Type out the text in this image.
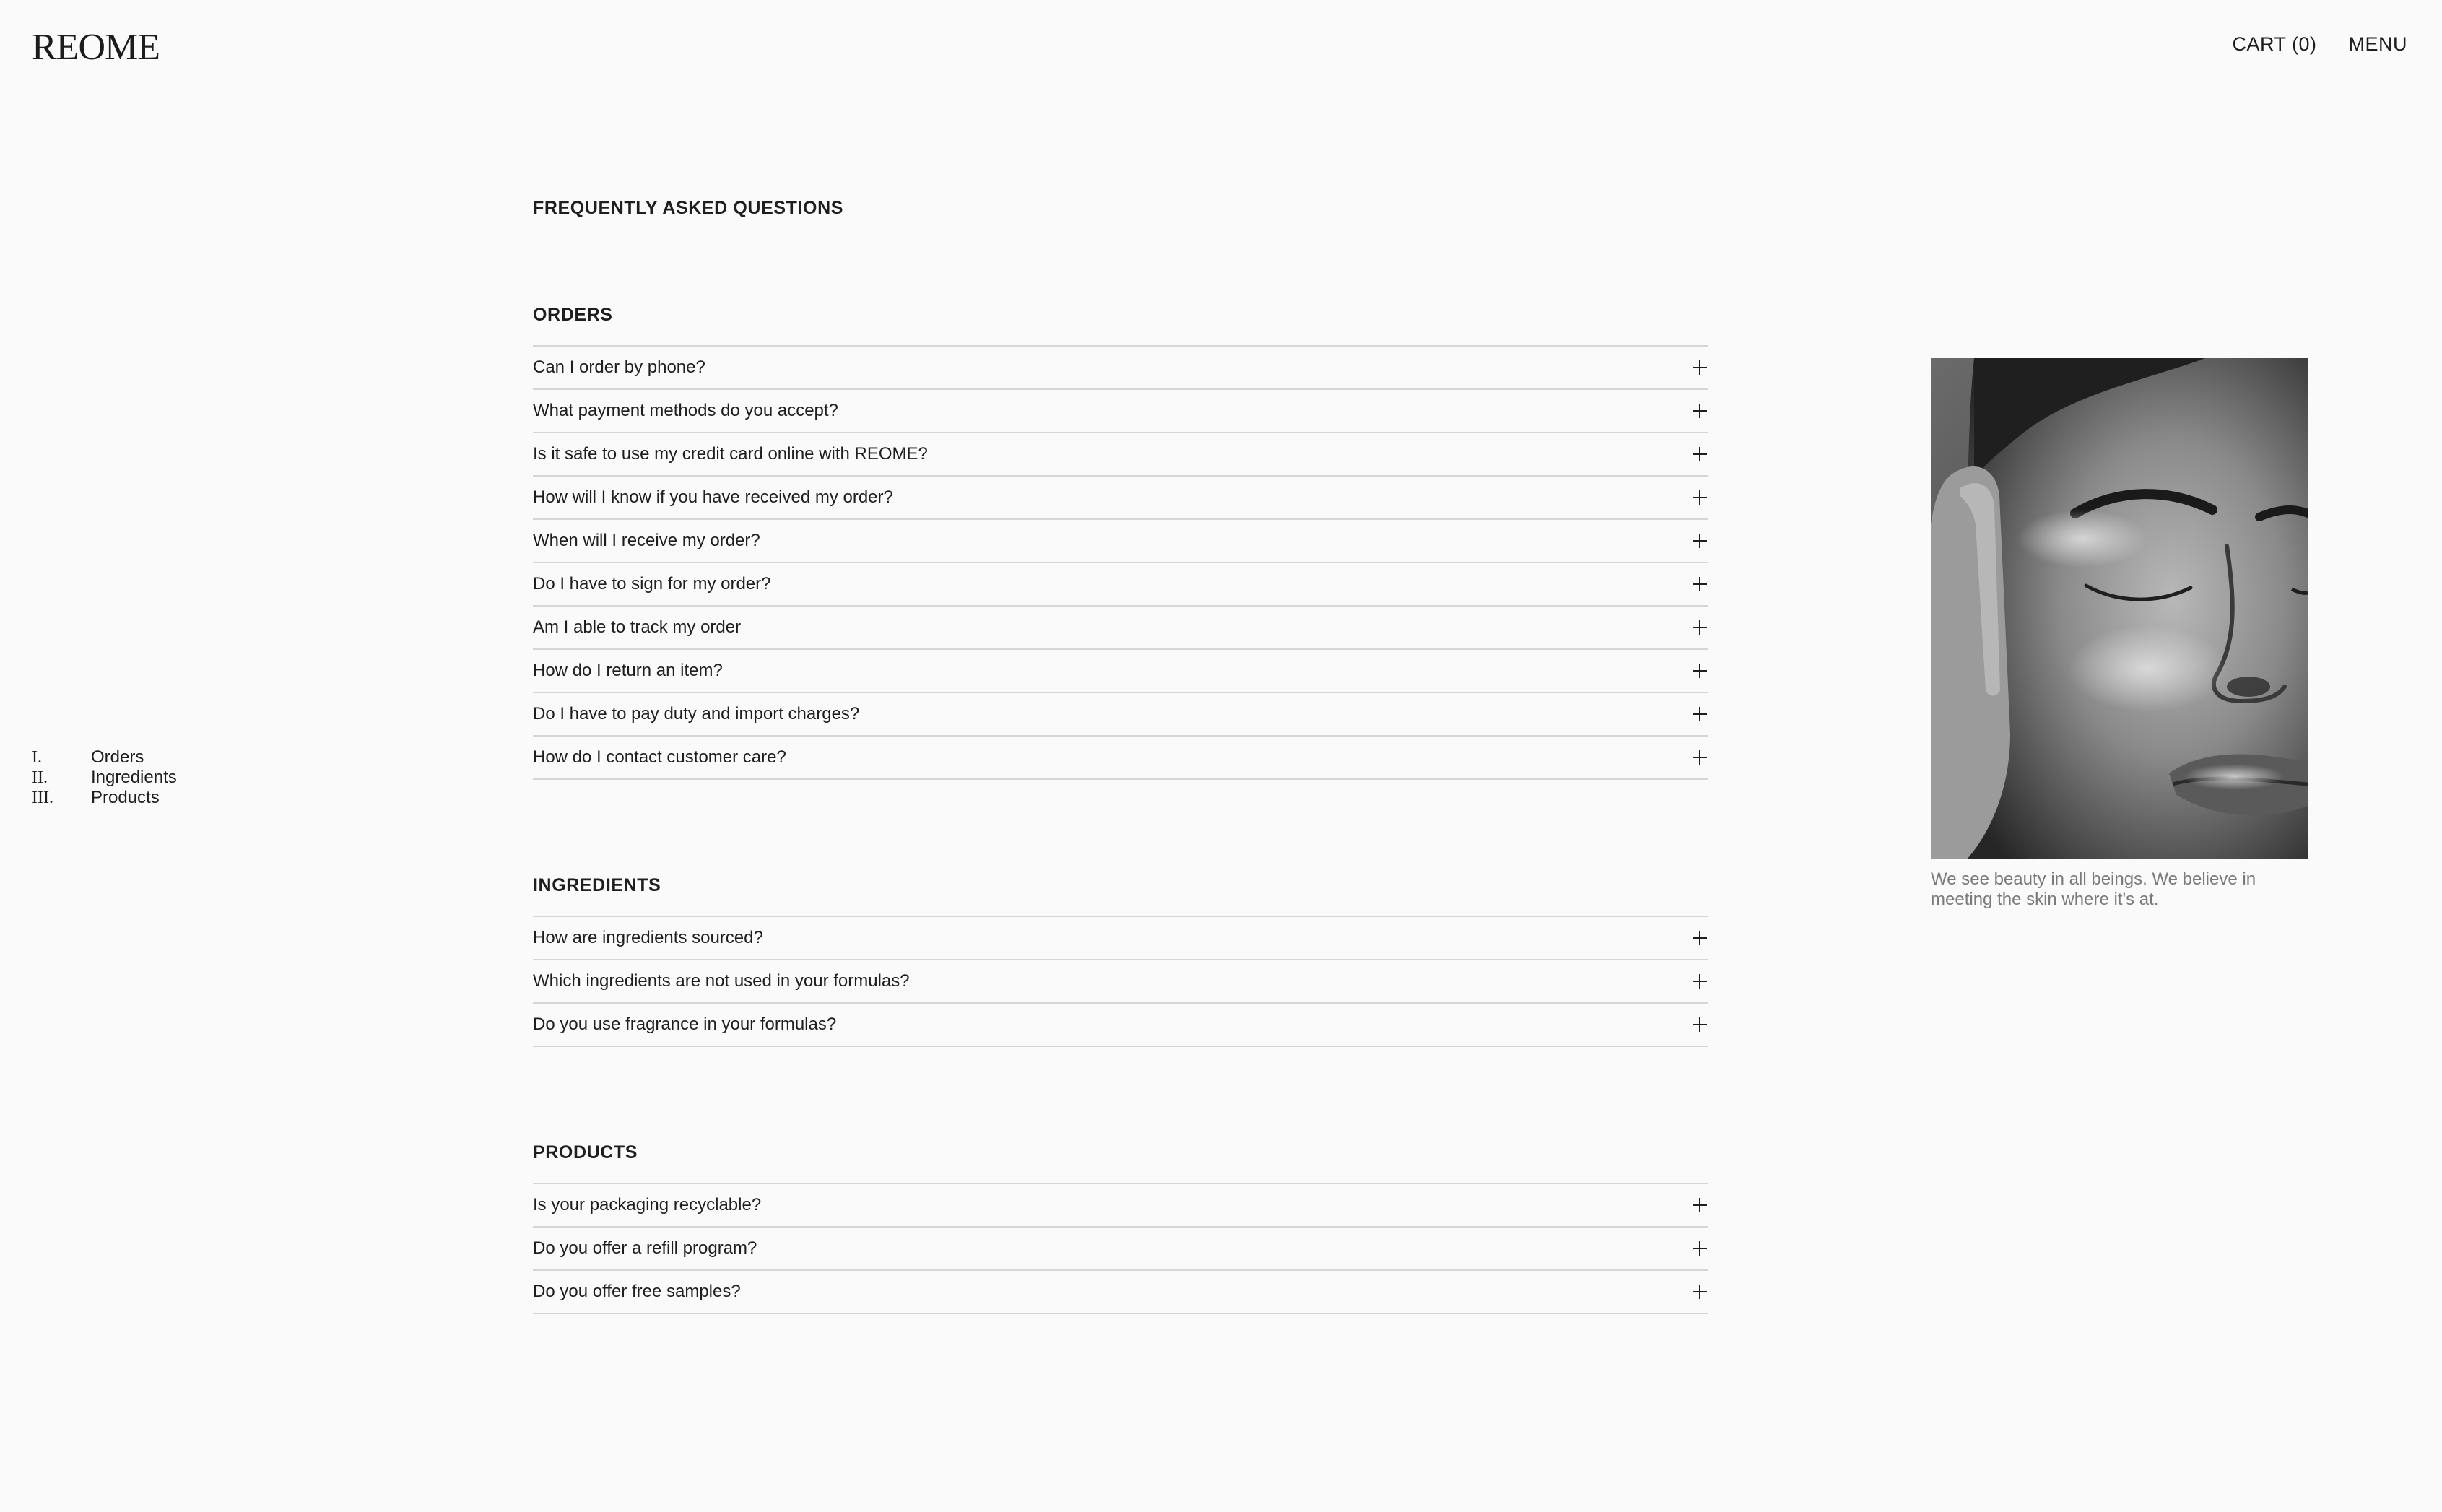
REOME	CART (0) MENU
I.	Orders
II.	Ingredients
III.	Products
FREQUENTLY ASKED QUESTIONS
ORDERS
Can I order by phone?
What payment methods do you accept?
Is it safe to use my credit card online with REOME?
How will I know if you have received my order?
When will I receive my order?
Do I have to sign for my order?
Am I able to track my order
How do I return an item?
Do I have to pay duty and import charges?
How do I contact customer care?
INGREDIENTS
How are ingredients sourced?
Which ingredients are not used in your formulas?
Do you use fragrance in your formulas?
PRODUCTS
Is your packaging recyclable?
Do you offer a refill program?
Do you offer free samples?
We see beauty in all beings. We believe in meeting the skin where it's at.
